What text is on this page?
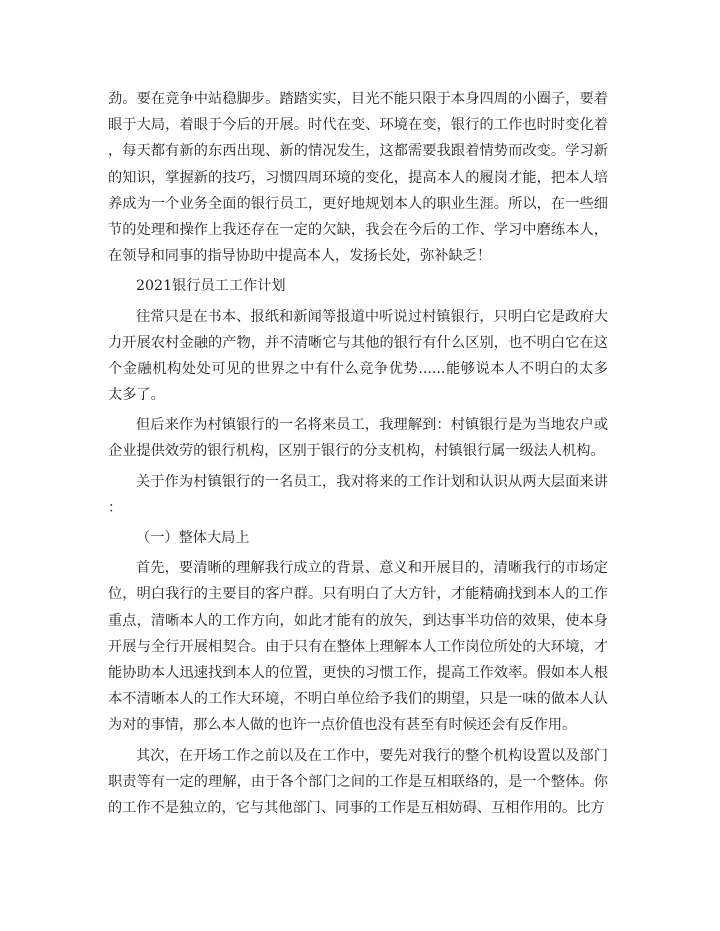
劲。要在竞争中站稳脚步。踏踏实实，目光不能只限于本身四周的小圈子，要着
眼于大局，着眼于今后的开展。时代在变、环境在变，银行的工作也时时变化着
，每天都有新的东西出现、新的情况发生，这都需要我跟着情势而改变。学习新
的知识，掌握新的技巧，习惯四周环境的变化，提高本人的履岗才能，把本人培
养成为一个业务全面的银行员工，更好地规划本人的职业生涯。所以，在一些细
节的处理和操作上我还存在一定的欠缺，我会在今后的工作、学习中磨练本人，
在领导和同事的指导协助中提高本人，发扬长处，弥补缺乏！
2021银行员工工作计划
往常只是在书本、报纸和新闻等报道中听说过村镇银行，只明白它是政府大
力开展农村金融的产物，并不清晰它与其他的银行有什么区别，也不明白它在这
个金融机构处处可见的世界之中有什么竞争优势......能够说本人不明白的太多
太多了。
但后来作为村镇银行的一名将来员工，我理解到：村镇银行是为当地农户或
企业提供效劳的银行机构，区别于银行的分支机构，村镇银行属一级法人机构。
关于作为村镇银行的一名员工，我对将来的工作计划和认识从两大层面来讲
：
（一）整体大局上
首先，要清晰的理解我行成立的背景、意义和开展目的，清晰我行的市场定
位，明白我行的主要目的客户群。只有明白了大方针，才能精确找到本人的工作
重点，清晰本人的工作方向，如此才能有的放矢，到达事半功倍的效果，使本身
开展与全行开展相契合。由于只有在整体上理解本人工作岗位所处的大环境，才
能协助本人迅速找到本人的位置，更快的习惯工作，提高工作效率。假如本人根
本不清晰本人的工作大环境，不明白单位给予我们的期望，只是一味的做本人认
为对的事情，那么本人做的也许一点价值也没有甚至有时候还会有反作用。
其次，在开场工作之前以及在工作中，要先对我行的整个机构设置以及部门
职责等有一定的理解，由于各个部门之间的工作是互相联络的，是一个整体。你
的工作不是独立的，它与其他部门、同事的工作是互相妨碍、互相作用的。比方
